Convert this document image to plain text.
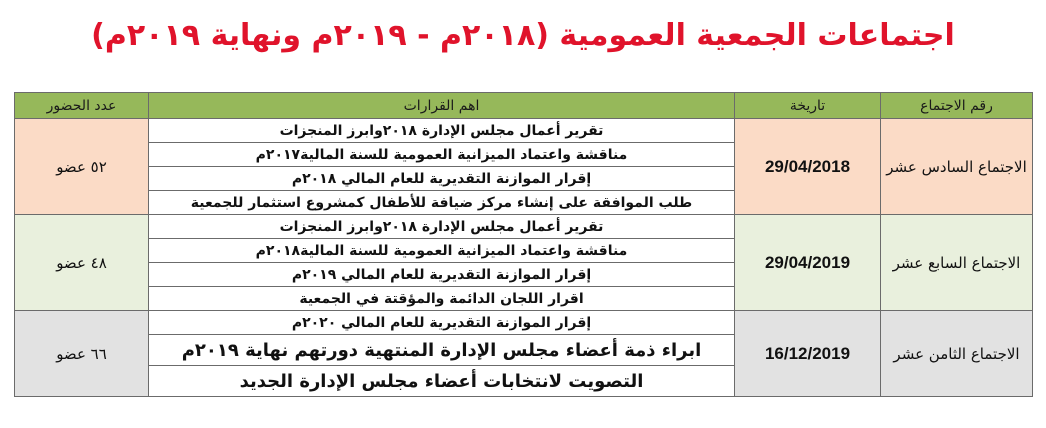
اجتماعات الجمعية العمومية (٢٠١٨م - ٢٠١٩م ونهاية ٢٠١٩م)
عدد الحضور	اهم القرارات	تاريخة	رقم الاجتماع
٥٢ عضو	تقرير أعمال مجلس الإدارة ٢٠١٨وابرز المنجزات	29/04/2018	الاجتماع السادس عشر
	مناقشة واعتماد الميزانية العمومية للسنة المالية٢٠١٧م		
	إقرار الموازنة التقديرية للعام المالي ٢٠١٨م		
	طلب الموافقة على إنشاء مركز ضيافة للأطفال كمشروع استثمار للجمعية		
٤٨ عضو	تقرير أعمال مجلس الإدارة ٢٠١٨وابرز المنجزات	29/04/2019	الاجتماع السابع عشر
	مناقشة واعتماد الميزانية العمومية للسنة المالية٢٠١٨م		
	إقرار الموازنة التقديرية للعام المالي ٢٠١٩م		
	اقرار اللجان الدائمة والمؤقتة في الجمعية		
٦٦ عضو	إقرار الموازنة التقديرية للعام المالي ٢٠٢٠م	16/12/2019	الاجتماع الثامن عشر
	ابراء ذمة أعضاء مجلس الإدارة المنتهية دورتهم نهاية ٢٠١٩م		
	التصويت لانتخابات أعضاء مجلس الإدارة الجديد		
